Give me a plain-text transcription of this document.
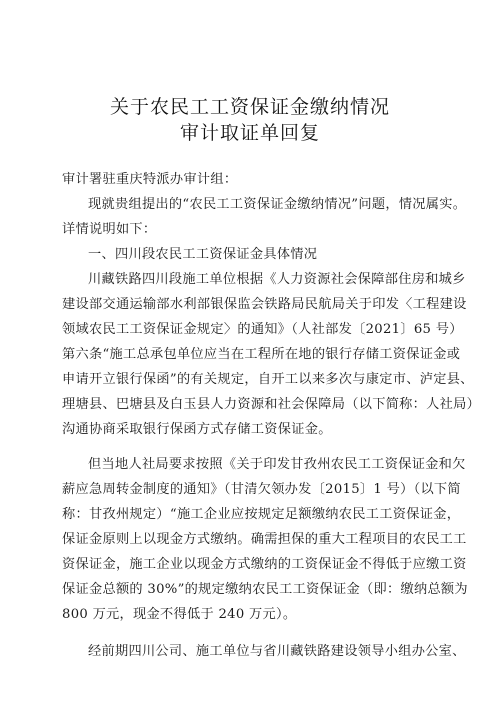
关于农民工工资保证金缴纳情况
审计取证单回复
审计署驻重庆特派办审计组：
现就贵组提出的“农民工工资保证金缴纳情况”问题，情况属实。
详情说明如下：
一、四川段农民工工资保证金具体情况
川藏铁路四川段施工单位根据《人力资源社会保障部住房和城乡
建设部交通运输部水利部银保监会铁路局民航局关于印发〈工程建设
领域农民工工资保证金规定〉的通知》（人社部发〔2021〕65 号）
第六条“施工总承包单位应当在工程所在地的银行存储工资保证金或
申请开立银行保函”的有关规定，自开工以来多次与康定市、泸定县、
理塘县、巴塘县及白玉县人力资源和社会保障局（以下简称：人社局）
沟通协商采取银行保函方式存储工资保证金。
但当地人社局要求按照《关于印发甘孜州农民工工资保证金和欠
薪应急周转金制度的通知》（甘清欠领办发〔2015〕1 号）（以下简
称：甘孜州规定）“施工企业应按规定足额缴纳农民工工资保证金，
保证金原则上以现金方式缴纳。确需担保的重大工程项目的农民工工
资保证金，施工企业以现金方式缴纳的工资保证金不得低于应缴工资
保证金总额的 30%”的规定缴纳农民工工资保证金（即：缴纳总额为
800 万元，现金不得低于 240 万元）。
经前期四川公司、施工单位与省川藏铁路建设领导小组办公室、
